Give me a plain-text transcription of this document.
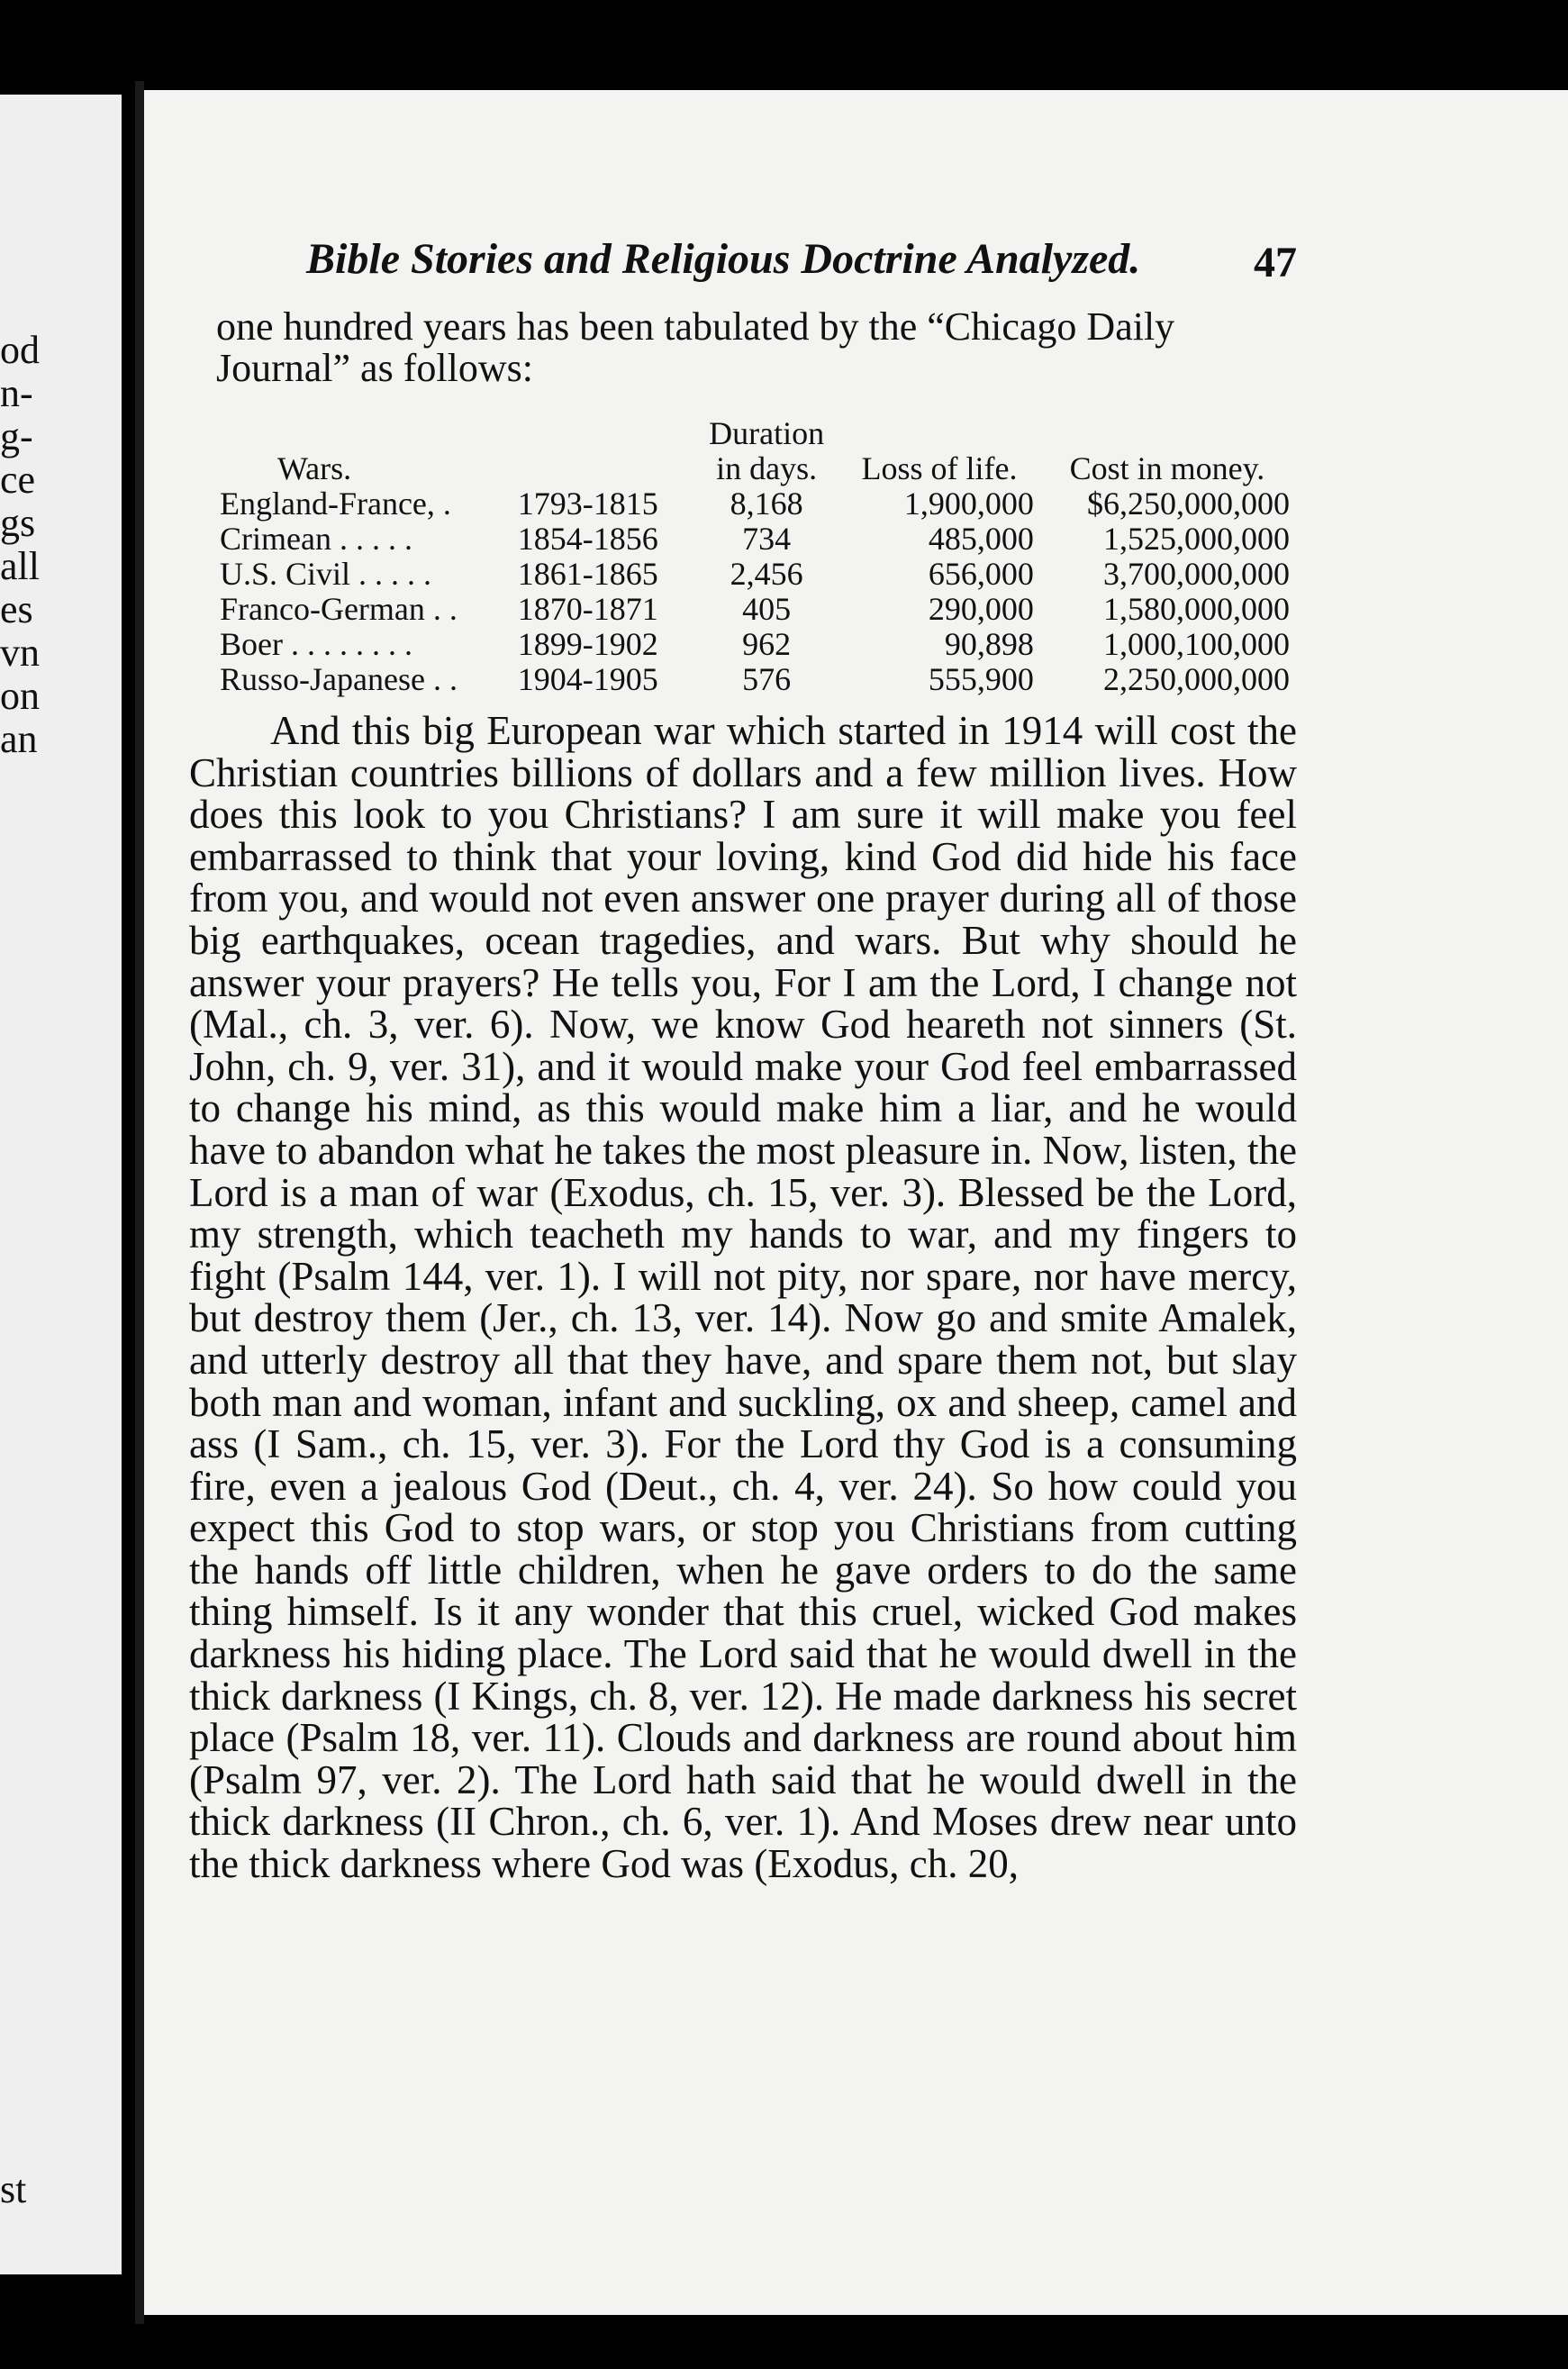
od
n-
g-
ce
gs
all
es
vn
on
an
st
Bible Stories and Religious Doctrine Analyzed.	47

one hundred years has been tabulated by the “Chicago Daily Journal” as follows:

Wars.		Duration in days.	Loss of life.	Cost in money.
England-France, .	1793-1815	8,168	1,900,000	$6,250,000,000
Crimean . . . . .	1854-1856	734	485,000	1,525,000,000
U.S. Civil . . . . .	1861-1865	2,456	656,000	3,700,000,000
Franco-German . .	1870-1871	405	290,000	1,580,000,000
Boer . . . . . . . .	1899-1902	962	90,898	1,000,100,000
Russo-Japanese . .	1904-1905	576	555,900	2,250,000,000

And this big European war which started in 1914 will cost the Christian countries billions of dollars and a few million lives. How does this look to you Christians? I am sure it will make you feel embarrassed to think that your loving, kind God did hide his face from you, and would not even answer one prayer during all of those big earthquakes, ocean tragedies, and wars. But why should he answer your prayers? He tells you, For I am the Lord, I change not (Mal., ch. 3, ver. 6). Now, we know God heareth not sinners (St. John, ch. 9, ver. 31), and it would make your God feel embarrassed to change his mind, as this would make him a liar, and he would have to abandon what he takes the most pleasure in. Now, listen, the Lord is a man of war (Exodus, ch. 15, ver. 3). Blessed be the Lord, my strength, which teacheth my hands to war, and my fingers to fight (Psalm 144, ver. 1). I will not pity, nor spare, nor have mercy, but destroy them (Jer., ch. 13, ver. 14). Now go and smite Amalek, and utterly destroy all that they have, and spare them not, but slay both man and woman, infant and suckling, ox and sheep, camel and ass (I Sam., ch. 15, ver. 3). For the Lord thy God is a consuming fire, even a jealous God (Deut., ch. 4, ver. 24). So how could you expect this God to stop wars, or stop you Christians from cutting the hands off little children, when he gave orders to do the same thing himself. Is it any wonder that this cruel, wicked God makes darkness his hiding place. The Lord said that he would dwell in the thick darkness (I Kings, ch. 8, ver. 12). He made darkness his secret place (Psalm 18, ver. 11). Clouds and darkness are round about him (Psalm 97, ver. 2). The Lord hath said that he would dwell in the thick darkness (II Chron., ch. 6, ver. 1). And Moses drew near unto the thick darkness where God was (Exodus, ch. 20,
